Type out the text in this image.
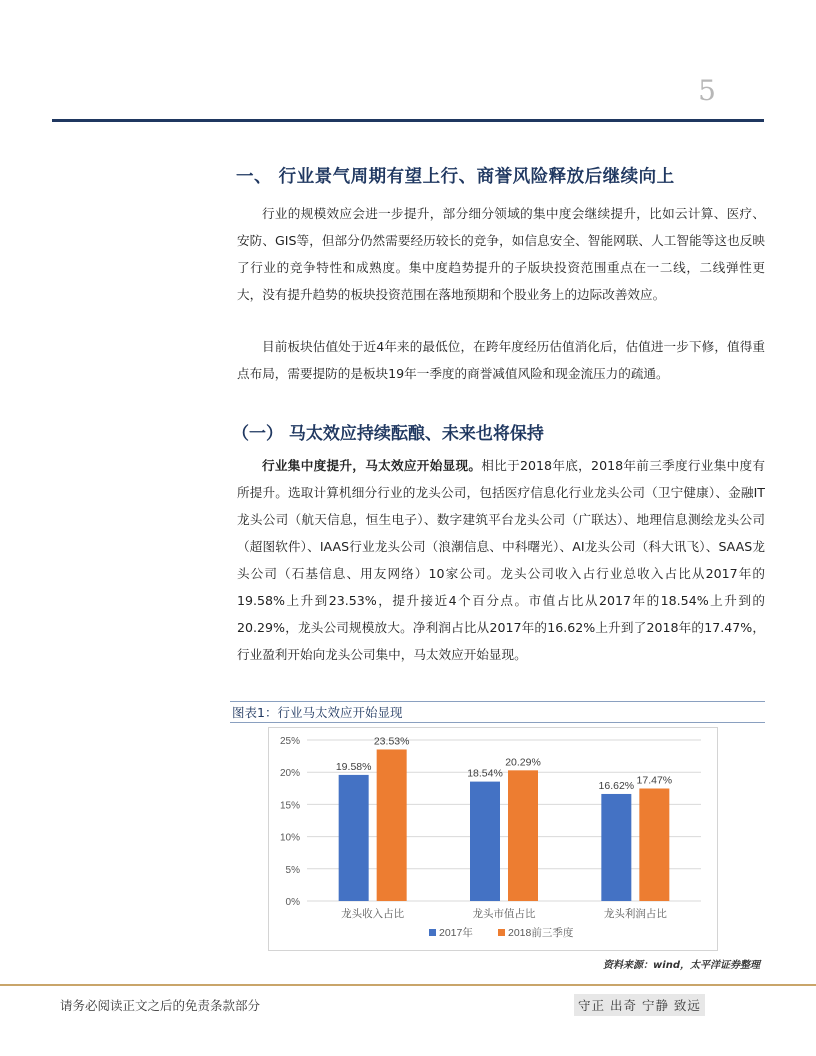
5
一、 行业景气周期有望上行、商誉风险释放后继续向上

行业的规模效应会进一步提升，部分细分领域的集中度会继续提升，比如云计算、医疗、安防、GIS等，但部分仍然需要经历较长的竞争，如信息安全、智能网联、人工智能等这也反映了行业的竞争特性和成熟度。集中度趋势提升的子版块投资范围重点在一二线，二线弹性更大，没有提升趋势的板块投资范围在落地预期和个股业务上的边际改善效应。

目前板块估值处于近4年来的最低位，在跨年度经历估值消化后，估值进一步下修，值得重点布局，需要提防的是板块19年一季度的商誉减值风险和现金流压力的疏通。

（一） 马太效应持续酝酿、未来也将保持

行业集中度提升，马太效应开始显现。相比于2018年底，2018年前三季度行业集中度有所提升。选取计算机细分行业的龙头公司，包括医疗信息化行业龙头公司（卫宁健康）、金融IT龙头公司（航天信息，恒生电子）、数字建筑平台龙头公司（广联达）、地理信息测绘龙头公司（超图软件）、IAAS行业龙头公司（浪潮信息、中科曙光）、AI龙头公司（科大讯飞）、SAAS龙头公司（石基信息、用友网络）10家公司。龙头公司收入占行业总收入占比从2017年的19.58%上升到23.53%，提升接近4个百分点。市值占比从2017年的18.54%上升到的20.29%，龙头公司规模放大。净利润占比从2017年的16.62%上升到了2018年的17.47%，行业盈利开始向龙头公司集中，马太效应开始显现。

图表1：行业马太效应开始显现
0%
5%
10%
15%
20%
25%
19.58%
23.53%
龙头收入占比
18.54%
20.29%
龙头市值占比
16.62% 17.47%
龙头利润占比
2017年	2018前三季度
资料来源：wind，太平洋证券整理
请务必阅读正文之后的免责条款部分	守正 出奇 宁静 致远
